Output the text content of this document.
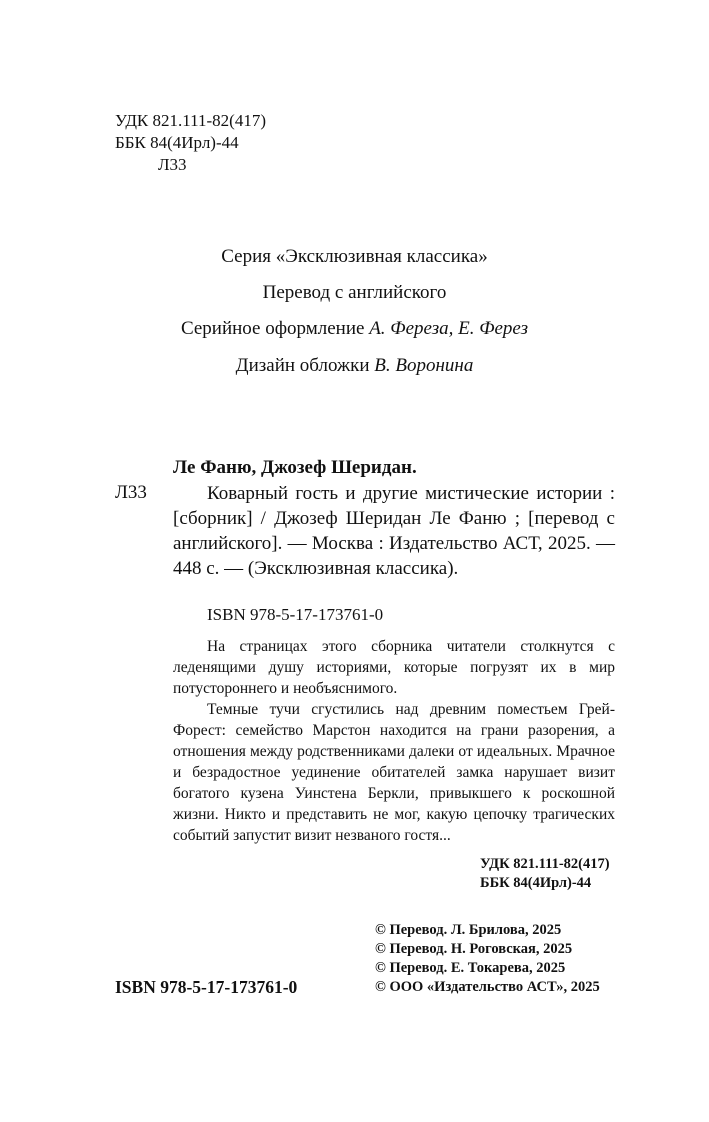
УДК 821.111-82(417)
ББК 84(4Ирл)-44
Л33
Серия «Эксклюзивная классика»
Перевод с английского
Серийное оформление А. Фереза, Е. Ферез
Дизайн обложки В. Воронина
Ле Фаню, Джозеф Шеридан.
Л33	Коварный гость и другие мистические истории : [сборник] / Джозеф Шеридан Ле Фаню ; [перевод с английского]. — Москва : Издательство АСТ, 2025. — 448 с. — (Эксклюзивная классика).
ISBN 978-5-17-173761-0

На страницах этого сборника читатели столкнутся с леденящими душу историями, которые погрузят их в мир потустороннего и необъяснимого.

Темные тучи сгустились над древним поместьем Грей-Форест: семейство Марстон находится на грани разорения, а отношения между родственниками далеки от идеальных. Мрачное и безрадостное уединение обитателей замка нарушает визит богатого кузена Уинстена Беркли, привыкшего к роскошной жизни. Никто и представить не мог, какую цепочку трагических событий запустит визит незваного гостя...

УДК 821.111-82(417)
ББК 84(4Ирл)-44
© Перевод. Л. Брилова, 2025
© Перевод. Н. Роговская, 2025
© Перевод. Е. Токарева, 2025
© ООО «Издательство АСТ», 2025
ISBN 978-5-17-173761-0
